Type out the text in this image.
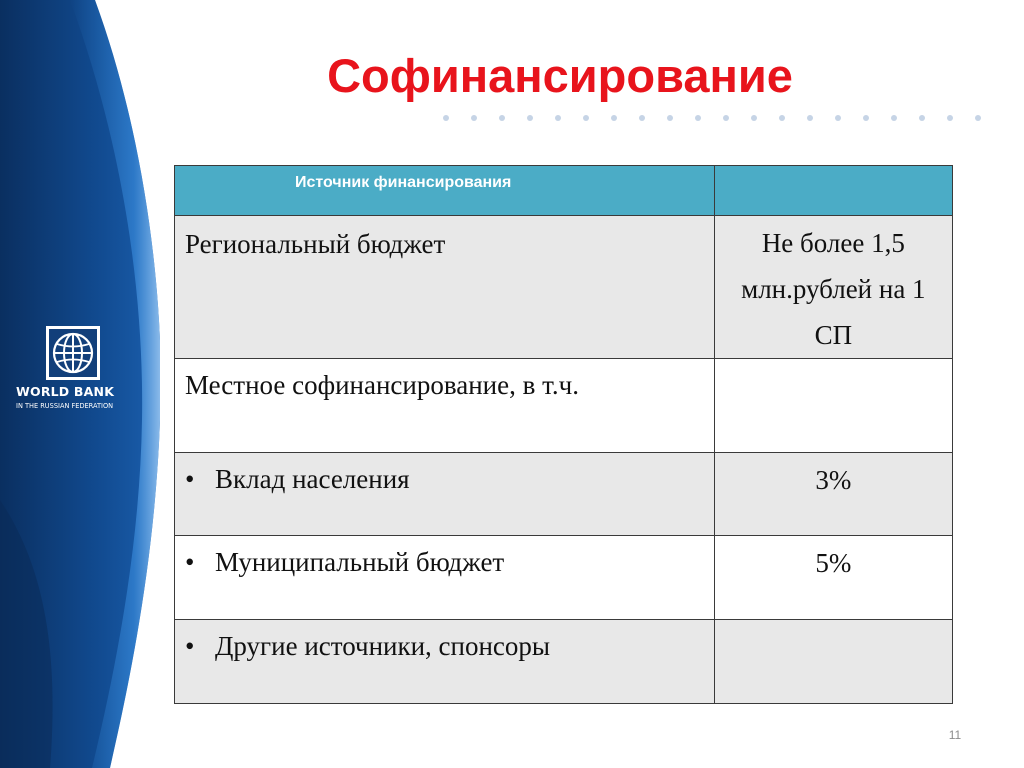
WORLD BANK
IN THE RUSSIAN FEDERATION
Софинансирование
Источник финансирования	

Региональный бюджет	Не более 1,5 млн.рублей на 1 СП

Местное софинансирование, в т.ч.	

• Вклад населения	3%

• Муниципальный бюджет	5%

• Другие источники, спонсоры	

11
